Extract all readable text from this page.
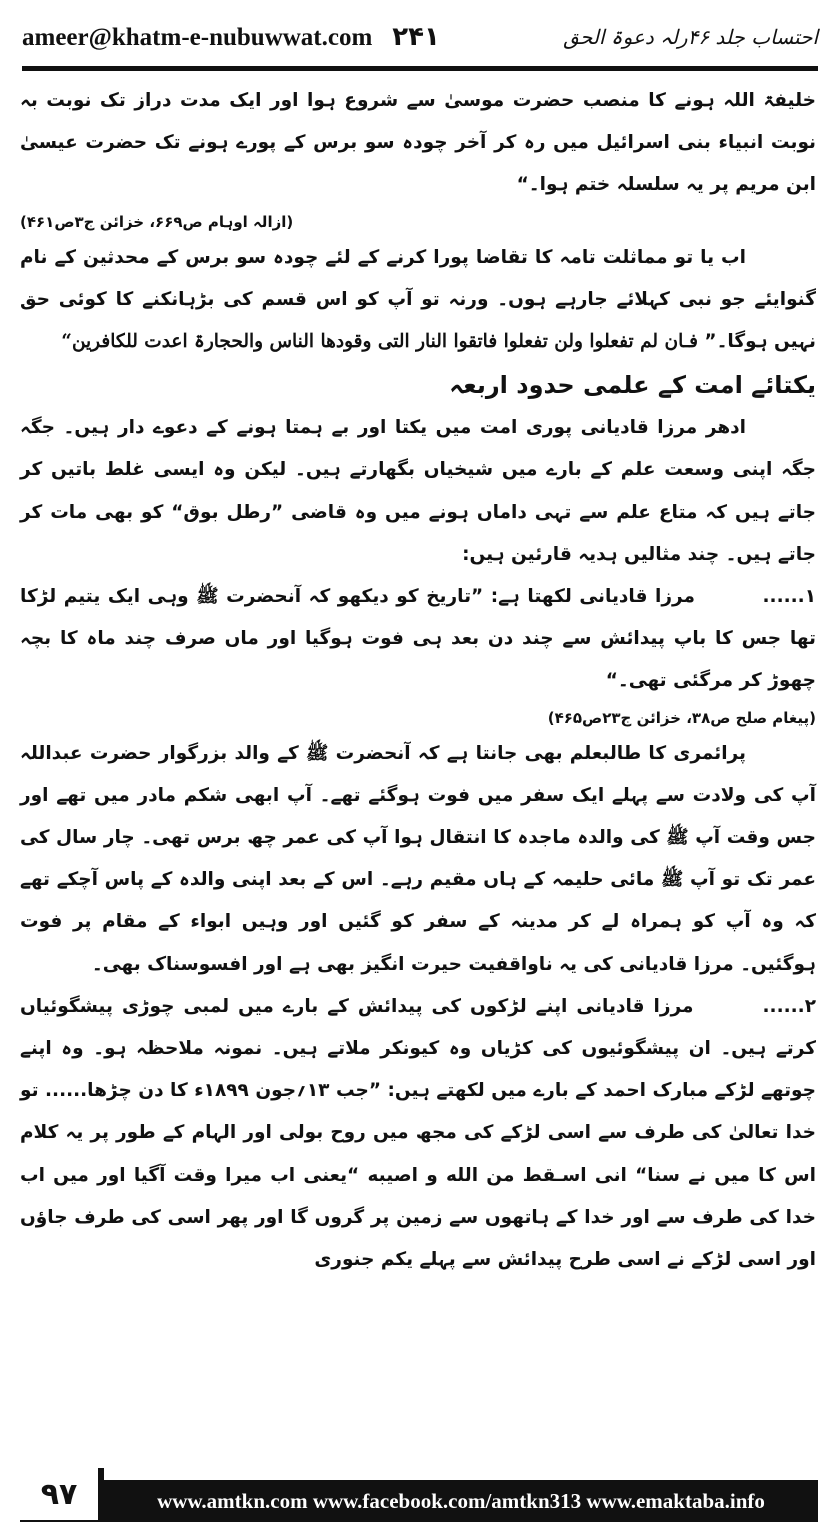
ameer@khatm-e-nubuwwat.com ۲۴۱	احتساب جلد ۴۶رلہ دعوۃ الحق

خلیفۃ اللہ ہونے کا منصب حضرت موسیٰ سے شروع ہوا اور ایک مدت دراز تک نوبت بہ نوبت انبیاء بنی اسرائیل میں رہ کر آخر چودہ سو برس کے پورے ہونے تک حضرت عیسیٰ ابن مریم پر یہ سلسلہ ختم ہوا۔“

(ازالہ اوہام ص۶۶۹، خزائن ج۳ص۴۶۱)

اب یا تو مماثلت تامہ کا تقاضا پورا کرنے کے لئے چودہ سو برس کے محدثین کے نام گنوایئے جو نبی کہلائے جارہے ہوں۔ ورنہ تو آپ کو اس قسم کی بڑہانکنے کا کوئی حق نہیں ہوگا۔” فـان لم تفعلوا ولن تفعلوا فاتقوا النار التی وقودھا الناس والحجارۃ اعدت للکافرین“

یکتائے امت کے علمی حدود اربعہ

ادھر مرزا قادیانی پوری امت میں یکتا اور بے ہمتا ہونے کے دعوے دار ہیں۔ جگہ جگہ اپنی وسعت علم کے بارے میں شیخیاں بگھارتے ہیں۔ لیکن وہ ایسی غلط باتیں کر جاتے ہیں کہ متاع علم سے تہی داماں ہونے میں وہ قاضی ”رطل بوق“ کو بھی مات کر جاتے ہیں۔ چند مثالیں ہدیہ قارئین ہیں:

۱...... مرزا قادیانی لکھتا ہے: ”تاریخ کو دیکھو کہ آنحضرت ﷺ وہی ایک یتیم لڑکا تھا جس کا باپ پیدائش سے چند دن بعد ہی فوت ہوگیا اور ماں صرف چند ماہ کا بچہ چھوڑ کر مرگئی تھی۔“

(پیغام صلح ص۳۸، خزائن ج۲۳ص۴۶۵)

پرائمری کا طالبعلم بھی جانتا ہے کہ آنحضرت ﷺ کے والد بزرگوار حضرت عبداللہ آپ کی ولادت سے پہلے ایک سفر میں فوت ہوگئے تھے۔ آپ ابھی شکم مادر میں تھے اور جس وقت آپ ﷺ کی والدہ ماجدہ کا انتقال ہوا آپ کی عمر چھ برس تھی۔ چار سال کی عمر تک تو آپ ﷺ مائی حلیمہ کے ہاں مقیم رہے۔ اس کے بعد اپنی والدہ کے پاس آچکے تھے کہ وہ آپ کو ہمراہ لے کر مدینہ کے سفر کو گئیں اور وہیں ابواء کے مقام پر فوت ہوگئیں۔ مرزا قادیانی کی یہ ناواقفیت حیرت انگیز بھی ہے اور افسوسناک بھی۔

۲...... مرزا قادیانی اپنے لڑکوں کی پیدائش کے بارے میں لمبی چوڑی پیشگوئیاں کرتے ہیں۔ ان پیشگوئیوں کی کڑیاں وہ کیونکر ملاتے ہیں۔ نمونہ ملاحظہ ہو۔ وہ اپنے چوتھے لڑکے مبارک احمد کے بارے میں لکھتے ہیں: ”جب ۱۳؍جون ۱۸۹۹ء کا دن چڑھا...... تو خدا تعالیٰ کی طرف سے اسی لڑکے کی مجھ میں روح بولی اور الہام کے طور پر یہ کلام اس کا میں نے سنا“ انی اسـقط من الله و اصیبه “یعنی اب میرا وقت آگیا اور میں اب خدا کی طرف سے اور خدا کے ہاتھوں سے زمین پر گروں گا اور پھر اسی کی طرف جاؤں اور اسی لڑکے نے اسی طرح پیدائش سے پہلے یکم جنوری

۹۷	www.amtkn.com www.facebook.com/amtkn313 www.emaktaba.info
